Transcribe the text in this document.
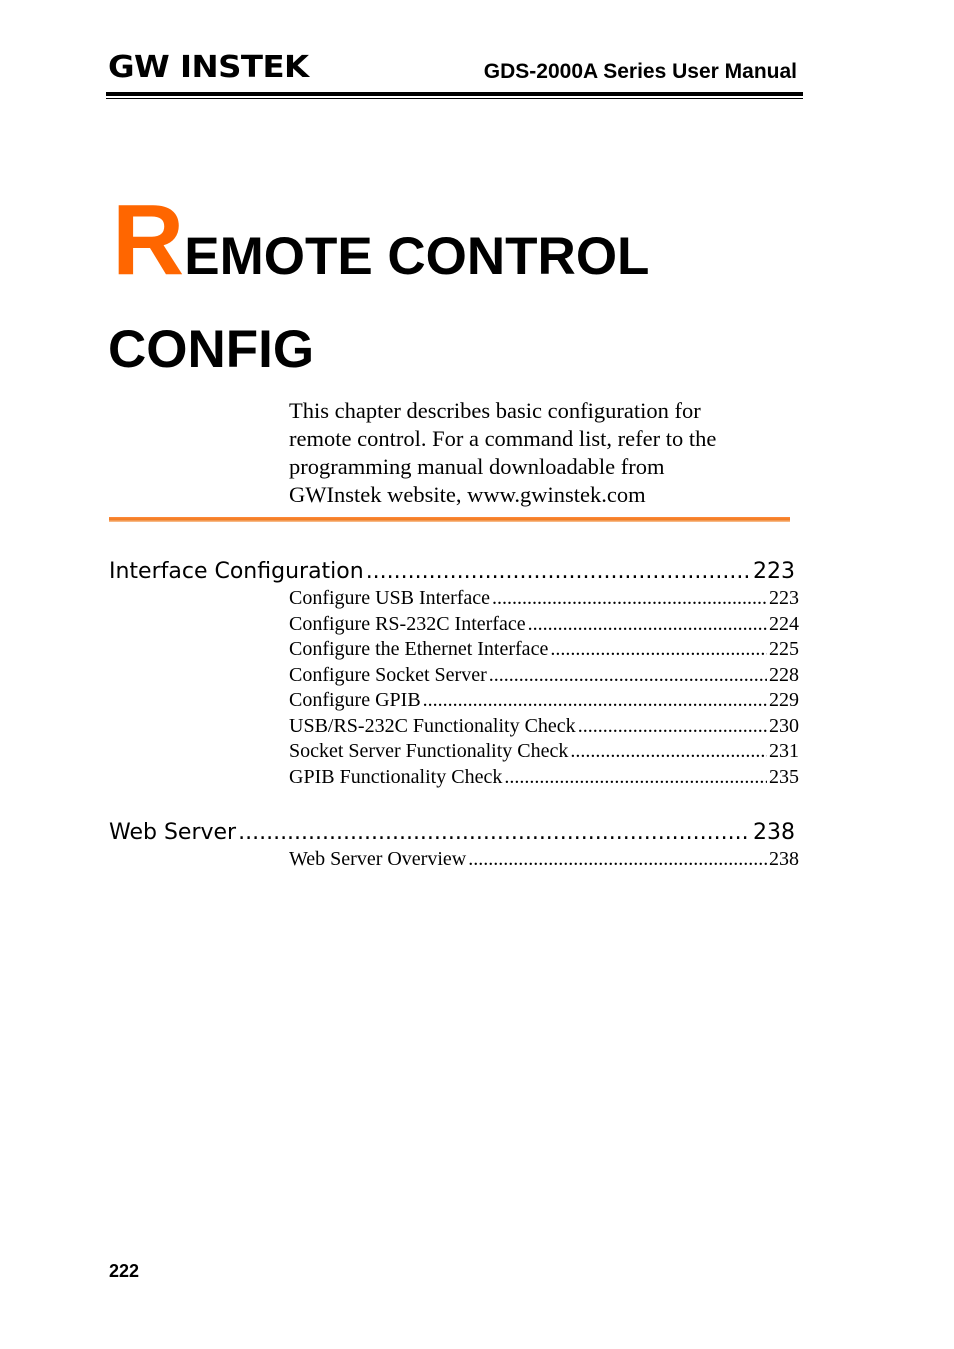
GW INSTEK	GDS-2000A Series User Manual
REMOTE CONTROL
CONFIG
This chapter describes basic configuration for
remote control. For a command list, refer to the
programming manual downloadable from
GWInstek website, www.gwinstek.com
Interface Configuration .....	223
Configure USB Interface .....	223
Configure RS-232C Interface .....	224
Configure the Ethernet Interface .....	225
Configure Socket Server .....	228
Configure GPIB .....	229
USB/RS-232C Functionality Check .....	230
Socket Server Functionality Check .....	231
GPIB Functionality Check .....	235
Web Server .....	238
Web Server Overview .....	238
222
